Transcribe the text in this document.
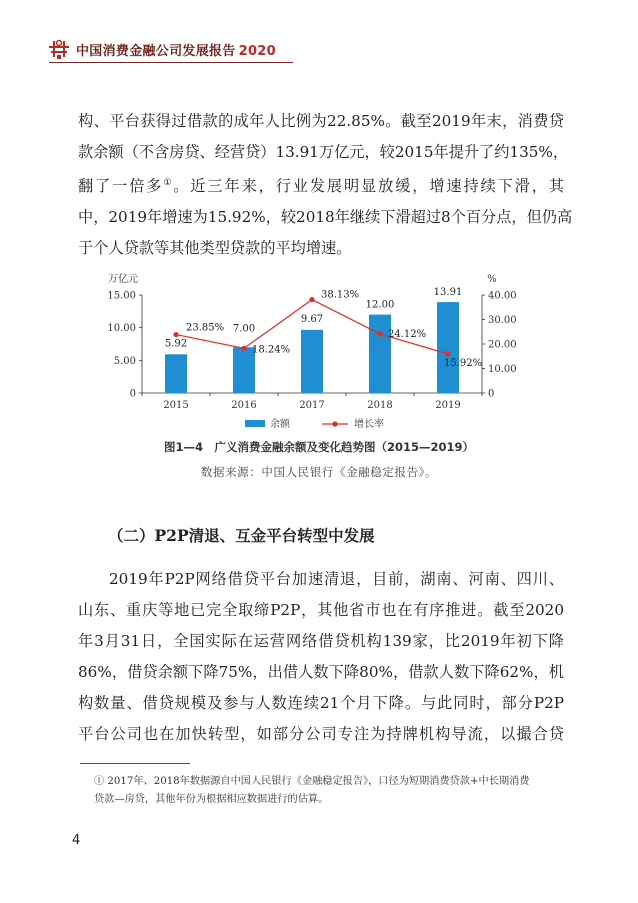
中国消费金融公司发展报告 2020
构、平台获得过借款的成年人比例为22.85%。截至2019年末，消费贷
款余额（不含房贷、经营贷）13.91万亿元，较2015年提升了约135%，
翻了一倍多①。近三年来，行业发展明显放缓，增速持续下滑，其
中，2019年增速为15.92%，较2018年继续下滑超过8个百分点，但仍高
于个人贷款等其他类型贷款的平均增速。
万亿元	%
0
5.00
10.00
15.00
0
10.00
20.00
30.00
40.00
2015	2016	2017	2018	2019
5.92
7.00
9.67
12.00
13.91
23.85%
18.24%
38.13%
24.12%
15.92%
余额	增长率
图1—4　广义消费金融余额及变化趋势图（2015—2019）
数据来源：中国人民银行《金融稳定报告》。
（二）P2P清退、互金平台转型中发展
2019年P2P网络借贷平台加速清退，目前，湖南、河南、四川、
山东、重庆等地已完全取缔P2P，其他省市也在有序推进。截至2020
年3月31日，全国实际在运营网络借贷机构139家，比2019年初下降
86%，借贷余额下降75%，出借人数下降80%，借款人数下降62%，机
构数量、借贷规模及参与人数连续21个月下降。与此同时，部分P2P
平台公司也在加快转型，如部分公司专注为持牌机构导流，以撮合贷
① 2017年、2018年数据源自中国人民银行《金融稳定报告》，口径为短期消费贷款+中长期消费
贷款—房贷，其他年份为根据相应数据进行的估算。
4
